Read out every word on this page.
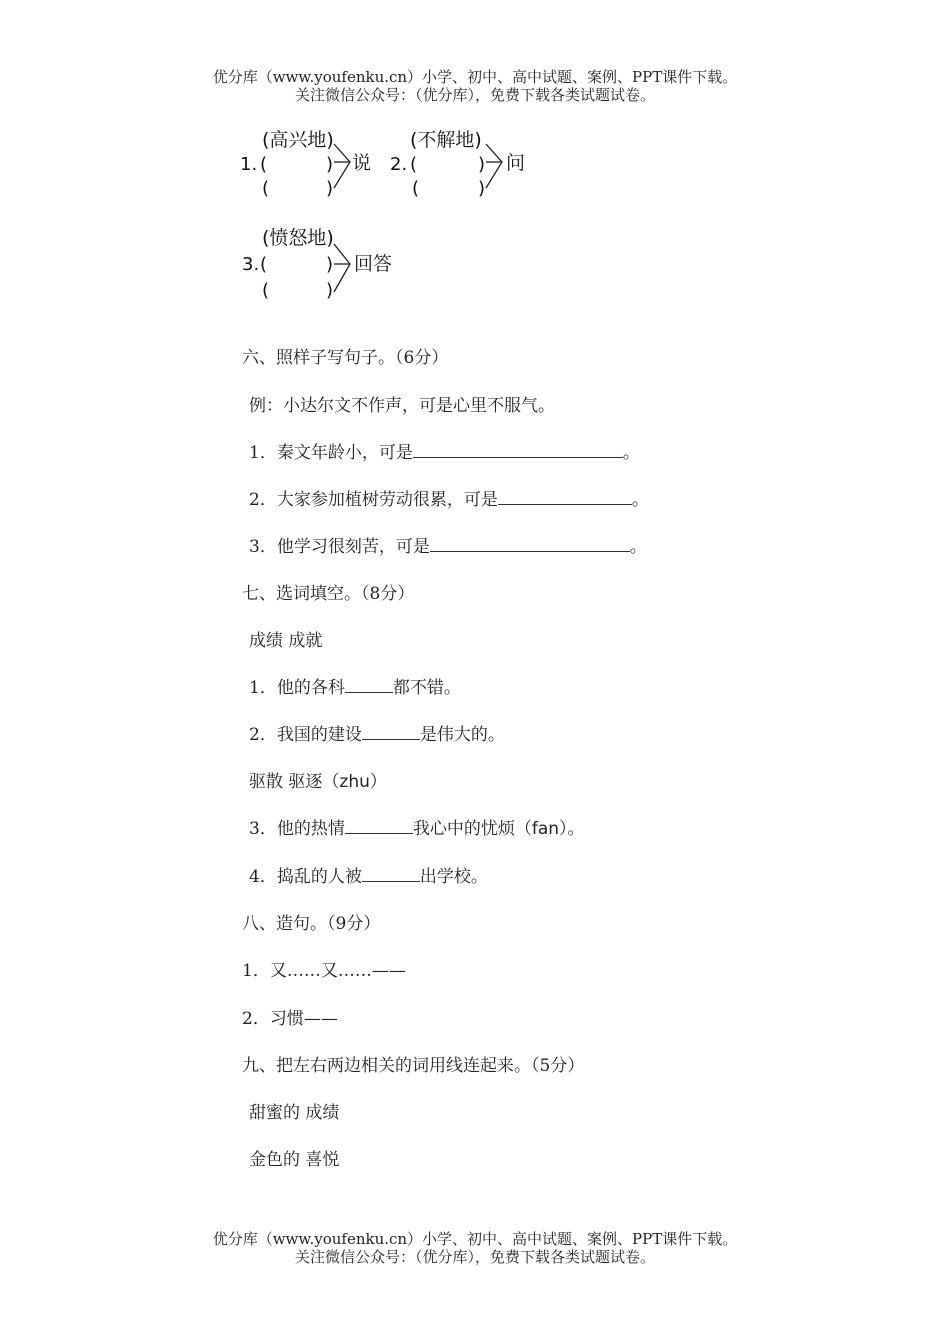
优分库（www.youfenku.cn）小学、初中、高中试题、案例、PPT课件下载。
关注微信公众号：（优分库），免费下载各类试题试卷。
(高兴地)
1. (	)
(	)
说
(不解地)
2. (	)
(	)
问
(愤怒地)
3. (	)
(	)
回答
六、照样子写句子。（6分）
例：小达尔文不作声，可是心里不服气。
1．秦文年龄小，可是	。
2．大家参加植树劳动很累，可是	。
3．他学习很刻苦，可是	。
七、选词填空。（8分）
成绩 成就
1．他的各科	都不错。
2．我国的建设	是伟大的。
驱散 驱逐（zhu）
3．他的热情	我心中的忧烦（fan）。
4．捣乱的人被	出学校。
八、造句。（9分）
1．又……又……——
2．习惯——
九、把左右两边相关的词用线连起来。（5分）
甜蜜的 成绩
金色的 喜悦
优分库（www.youfenku.cn）小学、初中、高中试题、案例、PPT课件下载。
关注微信公众号：（优分库），免费下载各类试题试卷。
